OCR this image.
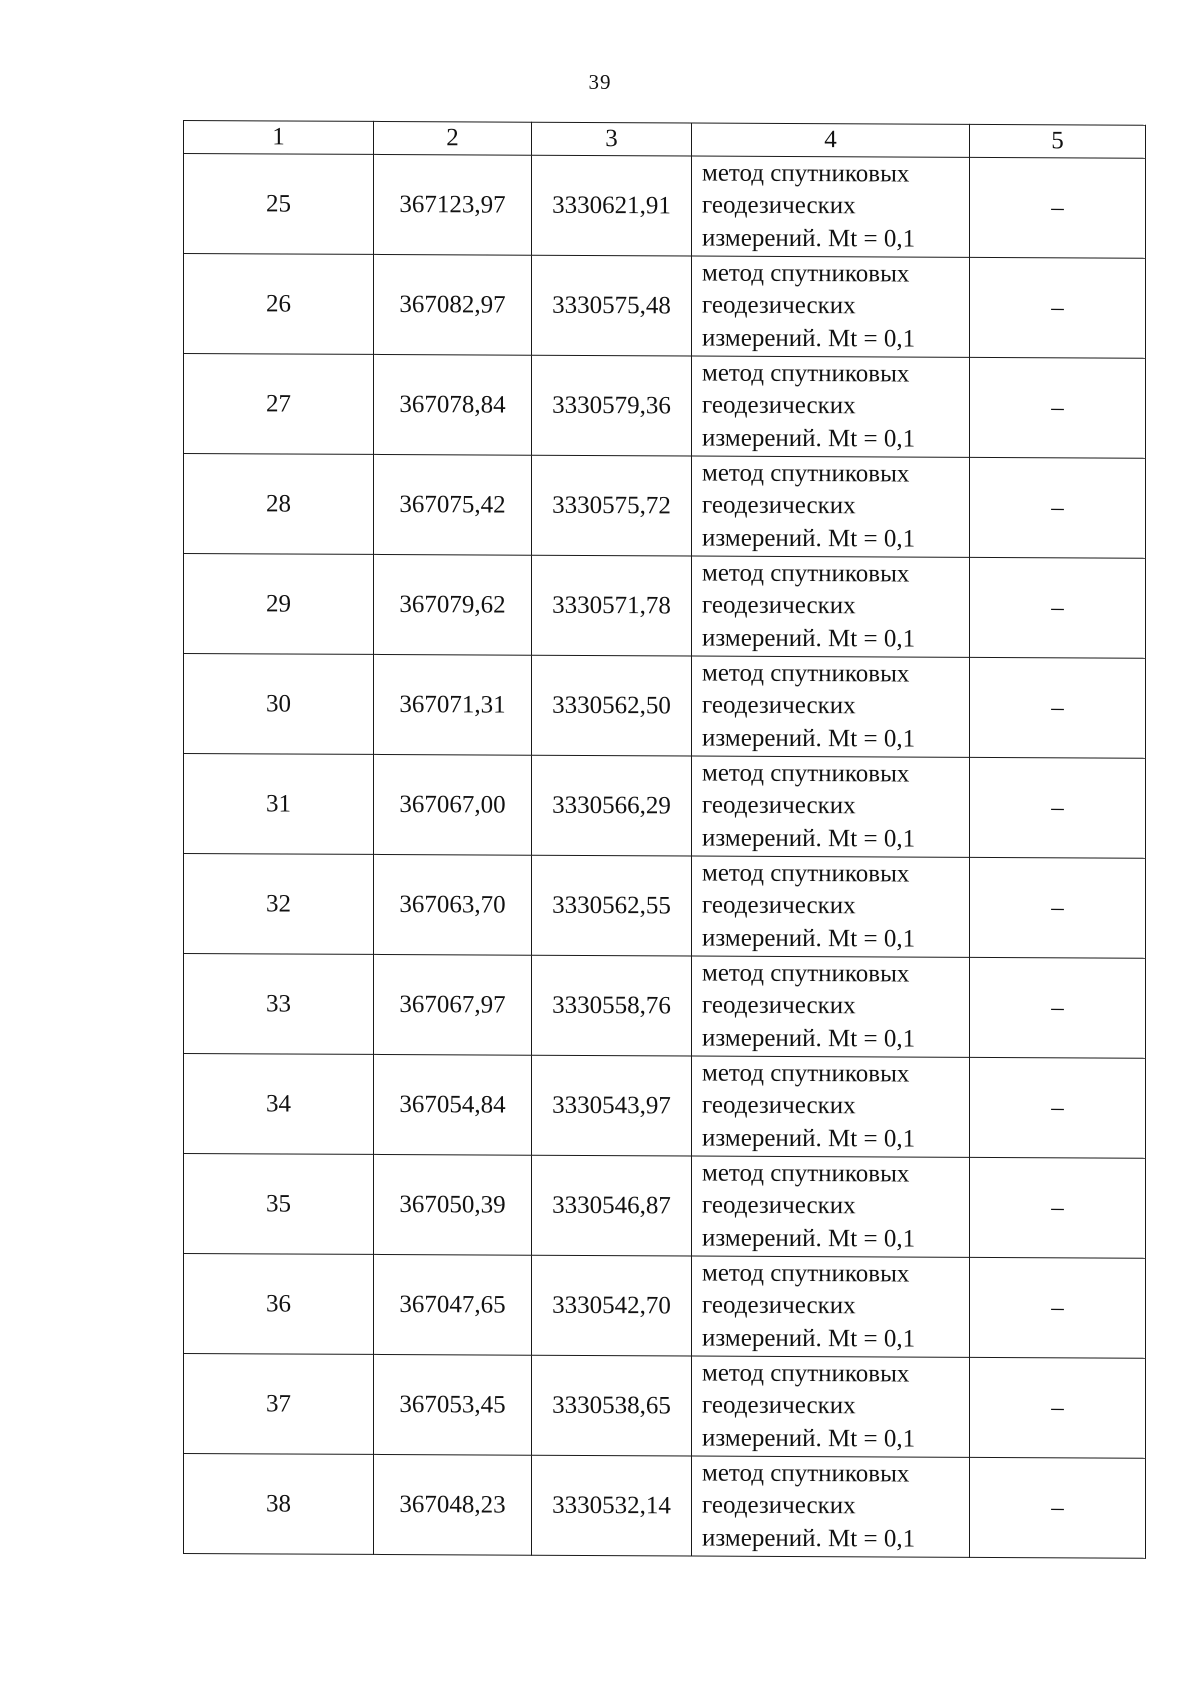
39
1	2	3	4	5
25	367123,97	3330621,91	метод спутниковых
геодезических
измерений. Mt = 0,1	–
26	367082,97	3330575,48	метод спутниковых
геодезических
измерений. Mt = 0,1	–
27	367078,84	3330579,36	метод спутниковых
геодезических
измерений. Mt = 0,1	–
28	367075,42	3330575,72	метод спутниковых
геодезических
измерений. Mt = 0,1	–
29	367079,62	3330571,78	метод спутниковых
геодезических
измерений. Mt = 0,1	–
30	367071,31	3330562,50	метод спутниковых
геодезических
измерений. Mt = 0,1	–
31	367067,00	3330566,29	метод спутниковых
геодезических
измерений. Mt = 0,1	–
32	367063,70	3330562,55	метод спутниковых
геодезических
измерений. Mt = 0,1	–
33	367067,97	3330558,76	метод спутниковых
геодезических
измерений. Mt = 0,1	–
34	367054,84	3330543,97	метод спутниковых
геодезических
измерений. Mt = 0,1	–
35	367050,39	3330546,87	метод спутниковых
геодезических
измерений. Mt = 0,1	–
36	367047,65	3330542,70	метод спутниковых
геодезических
измерений. Mt = 0,1	–
37	367053,45	3330538,65	метод спутниковых
геодезических
измерений. Mt = 0,1	–
38	367048,23	3330532,14	метод спутниковых
геодезических
измерений. Mt = 0,1	–
